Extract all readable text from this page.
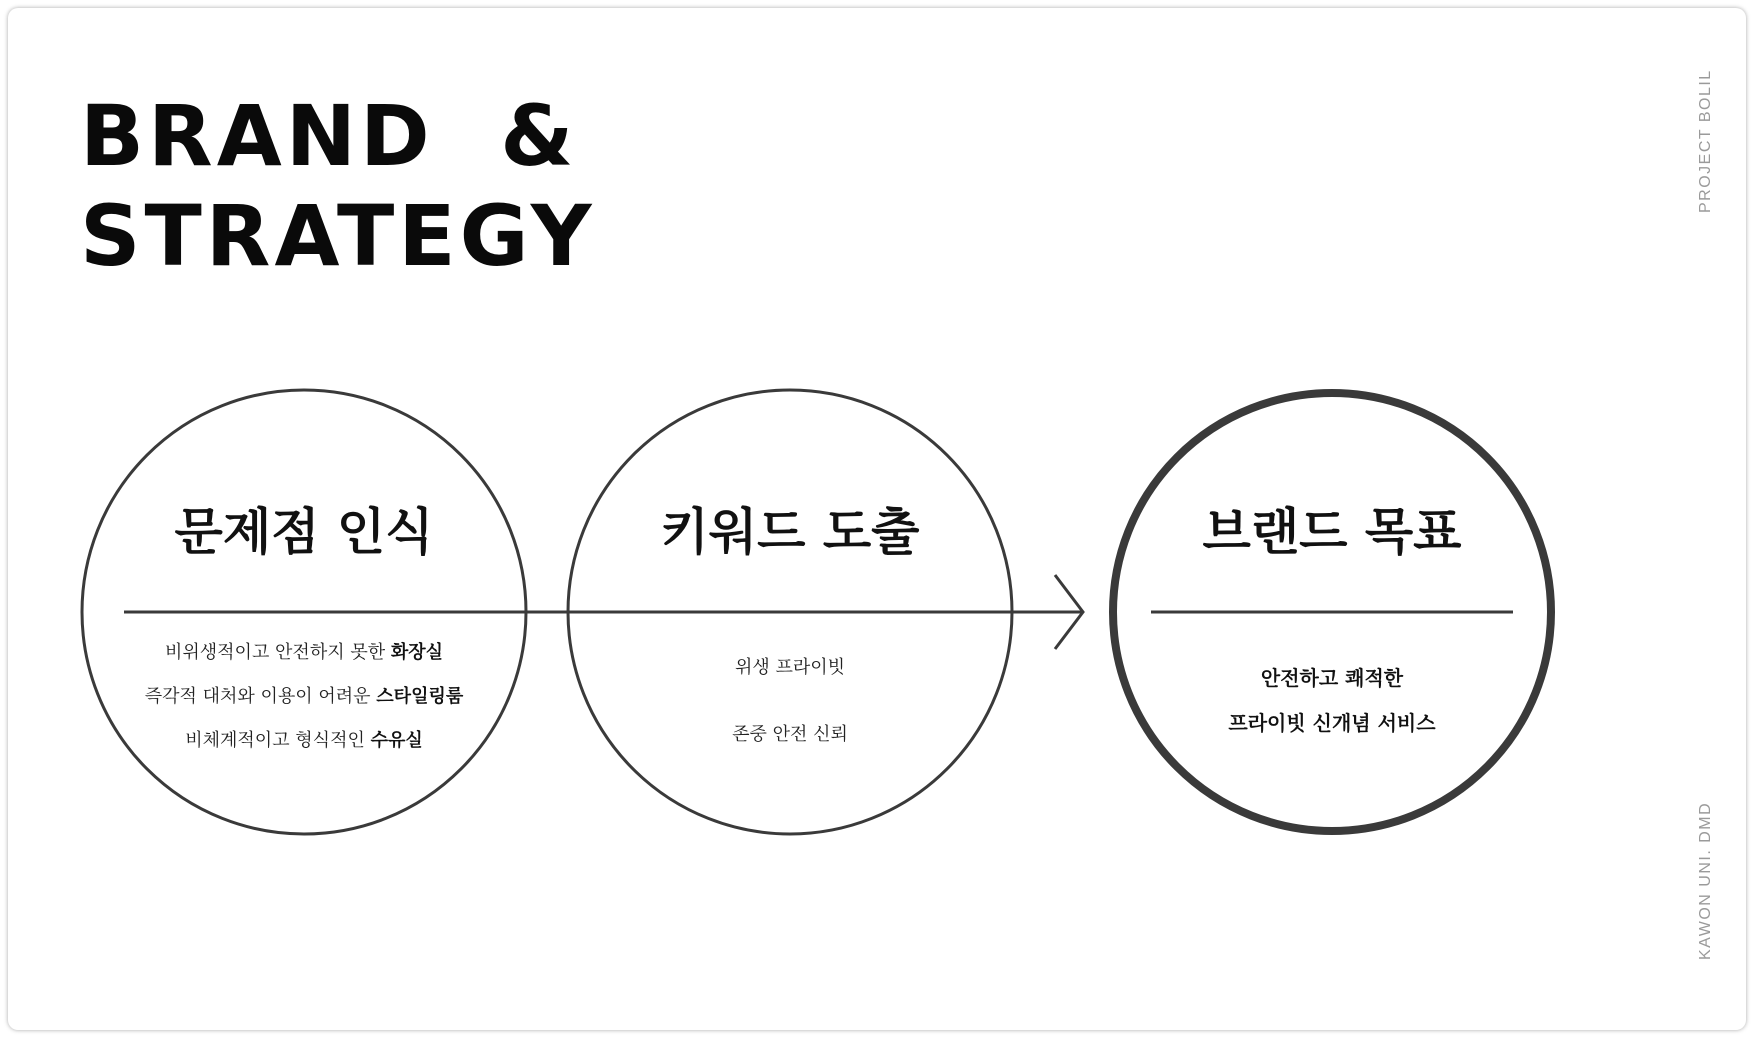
BRAND  &
STRATEGY
PROJECT BOLIL
KAWON UNI. DMD
문제점 인식
비위생적이고 안전하지 못한 화장실
즉각적 대처와 이용이 어려운 스타일링룸
비체계적이고 형식적인 수유실
키워드 도출
위생 프라이빗
존중 안전 신뢰
브랜드 목표
안전하고 쾌적한
프라이빗 신개념 서비스
